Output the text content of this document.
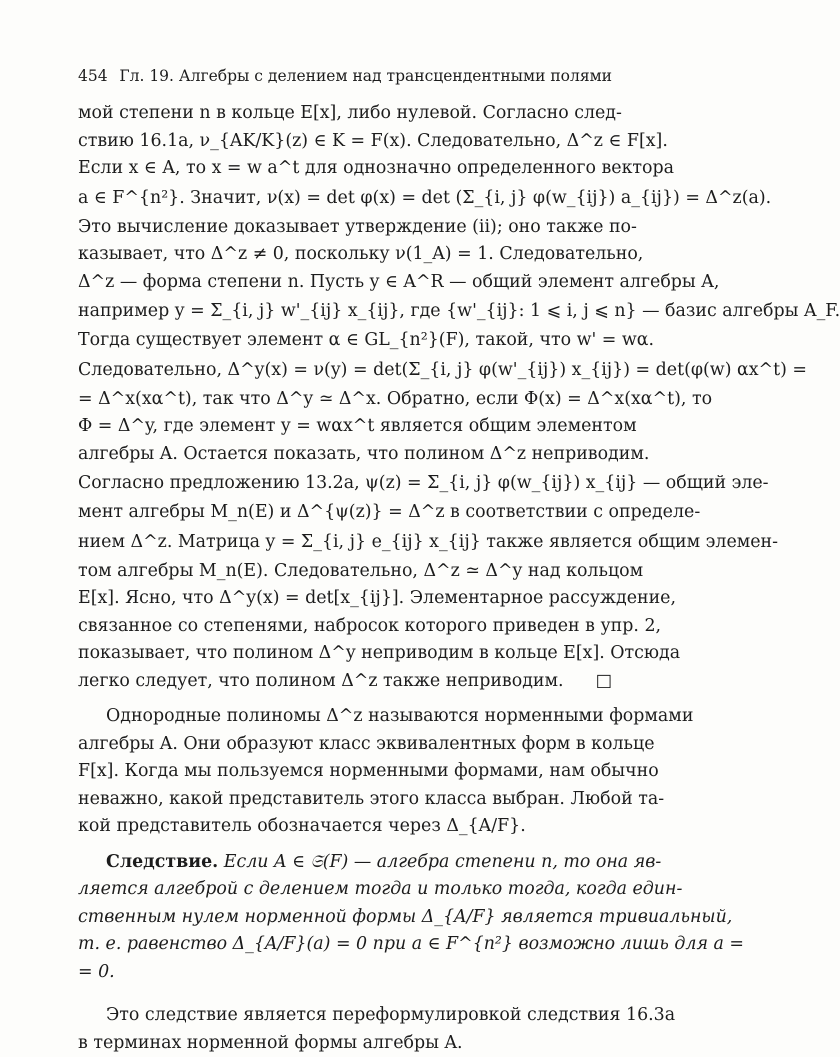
454 Гл. 19. Алгебры с делением над трансцендентными полями

мой степени n в кольце E[x], либо нулевой. Согласно след-

ствию 16.1a, ν_{AK/K}(z) ∈ K = F(x). Следовательно, Δ^z ∈ F[x].

Если x ∈ A, то x = w a^t для однозначно определенного вектора

a ∈ F^{n²}. Значит, ν(x) = det φ(x) = det (Σ_{i, j} φ(w_{ij}) a_{ij}) = Δ^z(a).

Это вычисление доказывает утверждение (ii); оно также по-

казывает, что Δ^z ≠ 0, поскольку ν(1_A) = 1. Следовательно,

Δ^z — форма степени n. Пусть y ∈ A^R — общий элемент алгебры A,

например y = Σ_{i, j} w'_{ij} x_{ij}, где {w'_{ij}: 1 ⩽ i, j ⩽ n} — базис алгебры A_F.

Тогда существует элемент α ∈ GL_{n²}(F), такой, что w' = wα.

Следовательно, Δ^y(x) = ν(y) = det(Σ_{i, j} φ(w'_{ij}) x_{ij}) = det(φ(w) αx^t) =

= Δ^x(xα^t), так что Δ^y ≃ Δ^x. Обратно, если Φ(x) = Δ^x(xα^t), то

Φ = Δ^y, где элемент y = wαx^t является общим элементом

алгебры A. Остается показать, что полином Δ^z неприводим.

Согласно предложению 13.2a, ψ(z) = Σ_{i, j} φ(w_{ij}) x_{ij} — общий эле-

мент алгебры M_n(E) и Δ^{ψ(z)} = Δ^z в соответствии с определе-

нием Δ^z. Матрица y = Σ_{i, j} e_{ij} x_{ij} также является общим элемен-

том алгебры M_n(E). Следовательно, Δ^z ≃ Δ^y над кольцом

E[x]. Ясно, что Δ^y(x) = det[x_{ij}]. Элементарное рассуждение,

связанное со степенями, набросок которого приведен в упр. 2,

показывает, что полином Δ^y неприводим в кольце E[x]. Отсюда

легко следует, что полином Δ^z также неприводим. □

Однородные полиномы Δ^z называются норменными формами

алгебры A. Они образуют класс эквивалентных форм в кольце

F[x]. Когда мы пользуемся норменными формами, нам обычно

неважно, какой представитель этого класса выбран. Любой та-

кой представитель обозначается через Δ_{A/F}.

Следствие. Если A ∈ 𝔖(F) — алгебра степени n, то она яв-

ляется алгеброй с делением тогда и только тогда, когда един-

ственным нулем норменной формы Δ_{A/F} является тривиальный,

т. е. равенство Δ_{A/F}(a) = 0 при a ∈ F^{n²} возможно лишь для a =

= 0.

Это следствие является переформулировкой следствия 16.3a

в терминах норменной формы алгебры A.
